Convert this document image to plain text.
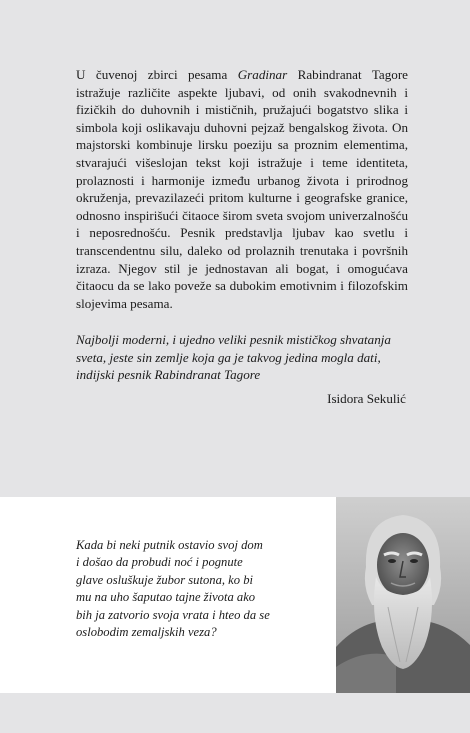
U čuvenoj zbirci pesama Gradinar Rabindranat Tagore istražuje različite aspekte ljubavi, od onih svakodnevnih i fizičkih do duhovnih i mističnih, pružajući bogatstvo slika i simbola koji oslikavaju duhovni pejzaž bengalskog života. On majstorski kombinuje lirsku poeziju sa proznim elementima, stvarajući višeslojan tekst koji istražuje i teme identiteta, prolaznosti i harmonije između urbanog života i prirodnog okruženja, prevazilazeći pritom kulturne i geografske granice, odnosno inspirišući čitaoce širom sveta svojom univerzalnošću i neposrednošću. Pesnik predstavlja ljubav kao svetlu i transcendentnu silu, daleko od prolaznih trenutaka i površnih izraza. Njegov stil je jednostavan ali bogat, i omogućava čitaocu da se lako poveže sa dubokim emotivnim i filozofskim slojevima pesama.

Najbolji moderni, i ujedno veliki pesnik mističkog shvatanja sveta, jeste sin zemlje koja ga je takvog jedina mogla dati, indijski pesnik Rabindranat Tagore
Isidora Sekulić
Kada bi neki putnik ostavio svoj dom
i došao da probudi noć i pognute
glave osluškuje žubor sutona, ko bi
mu na uho šaputao tajne života ako
bih ja zatvorio svoja vrata i hteo da se
oslobodim zemaljskih veza?
